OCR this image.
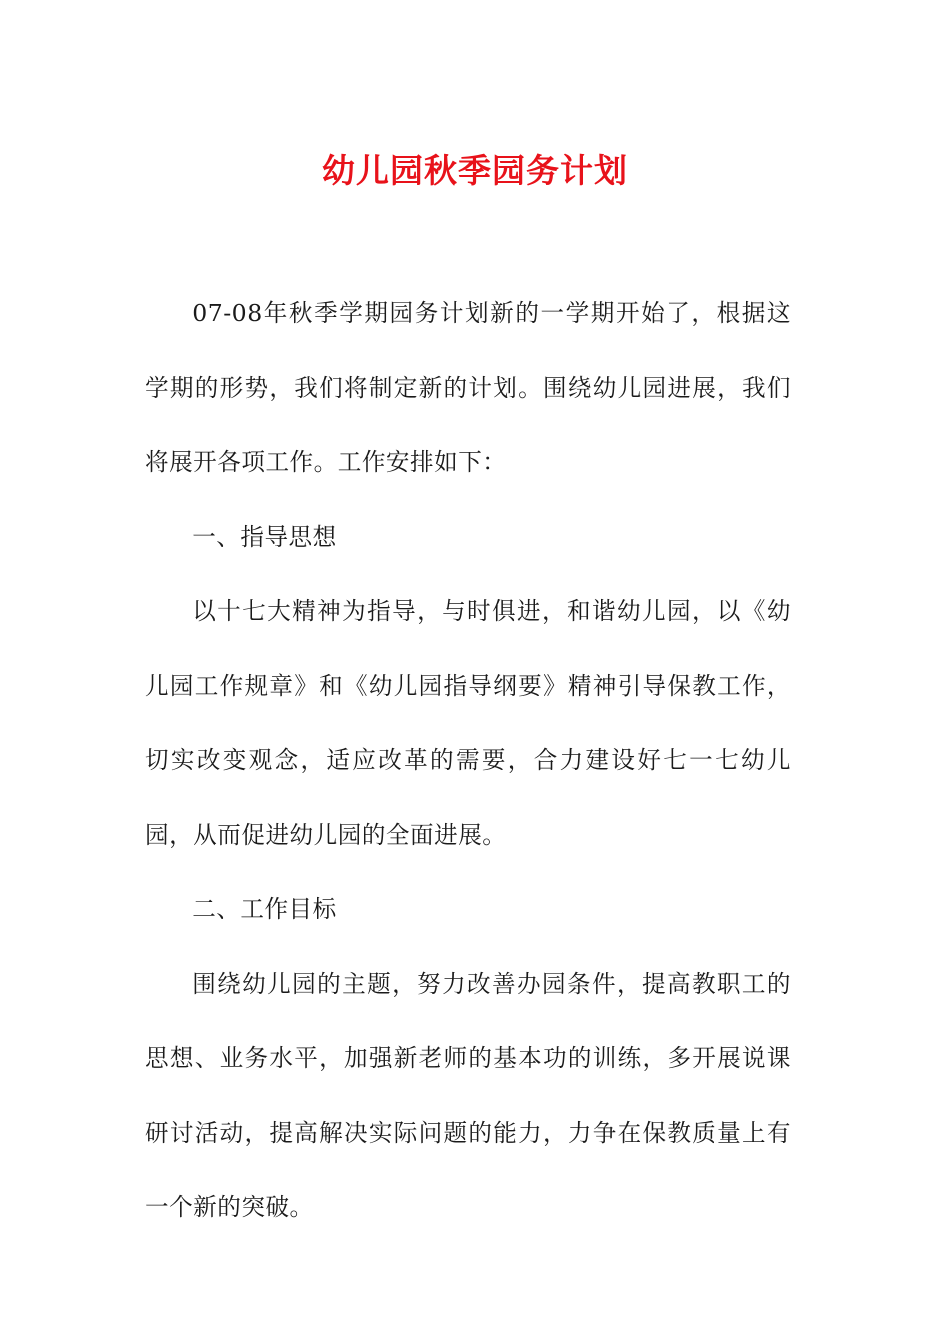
幼儿园秋季园务计划

07-08年秋季学期园务计划新的一学期开始了，根据这学期的形势，我们将制定新的计划。围绕幼儿园进展，我们将展开各项工作。工作安排如下：

一、指导思想

以十七大精神为指导，与时俱进，和谐幼儿园，以《幼儿园工作规章》和《幼儿园指导纲要》精神引导保教工作，切实改变观念，适应改革的需要，合力建设好七一七幼儿园，从而促进幼儿园的全面进展。

二、工作目标

围绕幼儿园的主题，努力改善办园条件，提高教职工的思想、业务水平，加强新老师的基本功的训练，多开展说课研讨活动，提高解决实际问题的能力，力争在保教质量上有一个新的突破。
